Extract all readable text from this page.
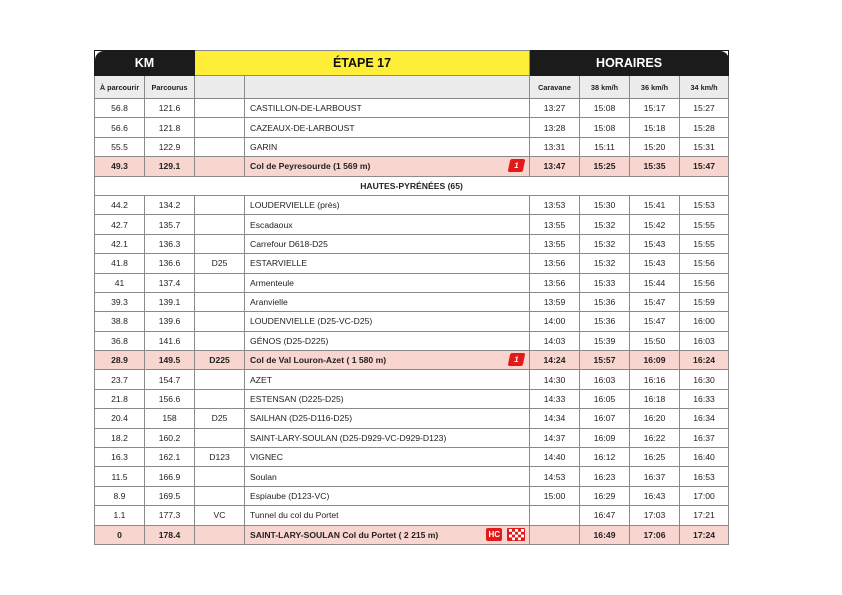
KM		ÉTAPE 17		HORAIRES			
À parcourir	Parcourus			Caravane	38 km/h	36 km/h	34 km/h
56.8	121.6		CASTILLON-DE-LARBOUST	13:27	15:08	15:17	15:27
56.6	121.8		CAZEAUX-DE-LARBOUST	13:28	15:08	15:18	15:28
55.5	122.9		GARIN	13:31	15:11	15:20	15:31
49.3	129.1		Col de Peyresourde (1 569 m) 1	13:47	15:25	15:35	15:47
HAUTES-PYRÉNÉES (65)							
44.2	134.2		LOUDERVIELLE (près)	13:53	15:30	15:41	15:53
42.7	135.7		Escadaoux	13:55	15:32	15:42	15:55
42.1	136.3		Carrefour D618-D25	13:55	15:32	15:43	15:55
41.8	136.6	D25	ESTARVIELLE	13:56	15:32	15:43	15:56
41	137.4		Armenteule	13:56	15:33	15:44	15:56
39.3	139.1		Aranvielle	13:59	15:36	15:47	15:59
38.8	139.6		LOUDENVIELLE (D25-VC-D25)	14:00	15:36	15:47	16:00
36.8	141.6		GÉNOS (D25-D225)	14:03	15:39	15:50	16:03
28.9	149.5	D225	Col de Val Louron-Azet ( 1 580 m) 1	14:24	15:57	16:09	16:24
23.7	154.7		AZET	14:30	16:03	16:16	16:30
21.8	156.6		ESTENSAN (D225-D25)	14:33	16:05	16:18	16:33
20.4	158	D25	SAILHAN (D25-D116-D25)	14:34	16:07	16:20	16:34
18.2	160.2		SAINT-LARY-SOULAN (D25-D929-VC-D929-D123)	14:37	16:09	16:22	16:37
16.3	162.1	D123	VIGNEC	14:40	16:12	16:25	16:40
11.5	166.9		Soulan	14:53	16:23	16:37	16:53
8.9	169.5		Espiaube (D123-VC)	15:00	16:29	16:43	17:00
1.1	177.3	VC	Tunnel du col du Portet		16:47	17:03	17:21
0	178.4		SAINT-LARY-SOULAN Col du Portet ( 2 215 m) HC		16:49	17:06	17:24
